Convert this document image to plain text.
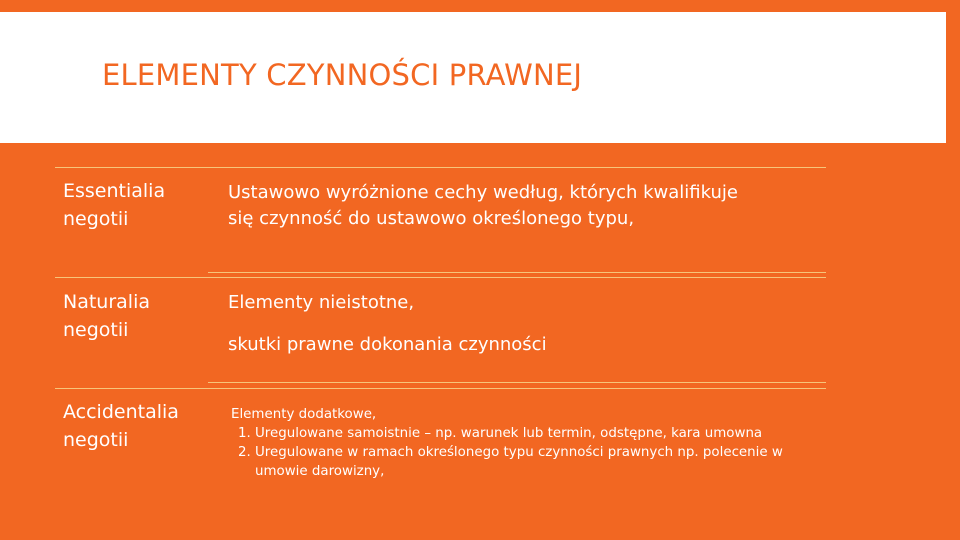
ELEMENTY CZYNNOŚCI PRAWNEJ
Essentialia
negotii
Ustawowo wyróżnione cechy według, których kwalifikuje
się czynność do ustawowo określonego typu,
Naturalia
negotii
Elementy nieistotne,
skutki prawne dokonania czynności
Accidentalia
negotii
Elementy dodatkowe,
1. Uregulowane samoistnie – np. warunek lub termin, odstępne, kara umowna
2. Uregulowane w ramach określonego typu czynności prawnych np. polecenie w umowie darowizny,
